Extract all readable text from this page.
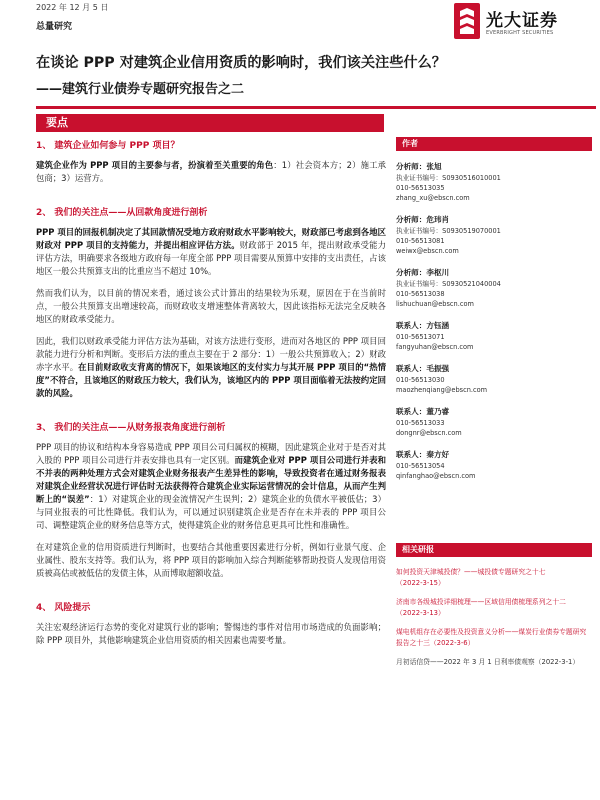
2022 年 12 月 5 日
总量研究	光大证券
EVERBRIGHT SECURITIES
在谈论 PPP 对建筑企业信用资质的影响时，我们该关注些什么？
——建筑行业债券专题研究报告之二
要点
1、 建筑企业如何参与 PPP 项目？
建筑企业作为 PPP 项目的主要参与者，扮演着至关重要的角色：1）社会资本方；2）施工承包商；3）运营方。
2、 我们的关注点——从回款角度进行剖析
PPP 项目的回报机制决定了其回款情况受地方政府财政水平影响较大，财政部已考虑到各地区财政对 PPP 项目的支持能力，并提出相应评估方法。财政部于 2015 年，提出财政承受能力评估方法，明确要求各级地方政府每一年度全部 PPP 项目需要从预算中安排的支出责任，占该地区一般公共预算支出的比重应当不超过 10%。
然而我们认为，以目前的情况来看，通过该公式计算出的结果较为乐观，原因在于在当前时点，一般公共预算支出增速较高，而财政收支增速整体背离较大，因此该指标无法完全反映各地区的财政承受能力。
因此，我们以财政承受能力评估方法为基础，对该方法进行变形，进而对各地区的 PPP 项目回款能力进行分析和判断。变形后方法的重点主要在于 2 部分：1）一般公共预算收入；2）财政赤字水平。在目前财政收支背离的情况下，如果该地区的支付实力与其开展 PPP 项目的“热情度”不符合，且该地区的财政压力较大，我们认为，该地区内的 PPP 项目面临着无法按约定回款的风险。
3、 我们的关注点——从财务报表角度进行剖析
PPP 项目的协议和结构本身容易造成 PPP 项目公司归属权的模糊，因此建筑企业对于是否对其入股的 PPP 项目公司进行并表安排也具有一定区别。而建筑企业对 PPP 项目公司进行并表和不并表的两种处理方式会对建筑企业财务报表产生差异性的影响，导致投资者在通过财务报表对建筑企业经营状况进行评估时无法获得符合建筑企业实际运营情况的会计信息，从而产生判断上的“误差”：1）对建筑企业的现金流情况产生误判；2）建筑企业的负债水平被低估；3）与同业报表的可比性降低。我们认为，可以通过识别建筑企业是否存在未并表的 PPP 项目公司、调整建筑企业的财务信息等方式，使得建筑企业的财务信息更具可比性和准确性。
在对建筑企业的信用资质进行判断时，也要结合其他重要因素进行分析，例如行业景气度、企业属性、股东支持等。我们认为，将 PPP 项目的影响加入综合判断能够帮助投资人发现信用资质被高估或被低估的发债主体，从而博取超额收益。
4、 风险提示
关注宏观经济运行态势的变化对建筑行业的影响；警惕违约事件对信用市场造成的负面影响；除 PPP 项目外，其他影响建筑企业信用资质的相关因素也需要考量。
作者
分析师：张旭
执业证书编号：S0930516010001
010-56513035
zhang_xu@ebscn.com
分析师：危玮肖
执业证书编号：S0930519070001
010-56513081
weiwx@ebscn.com
分析师：李枢川
执业证书编号：S0930521040004
010-56513038
lishuchuan@ebscn.com
联系人：方钰涵
010-56513071
fangyuhan@ebscn.com
联系人：毛振强
010-56513030
maozhenqiang@ebscn.com
联系人：董乃睿
010-56513033
dongnr@ebscn.com
联系人：秦方好
010-56513054
qinfanghao@ebscn.com
相关研报
如何投资天津城投债？——城投债专题研究之十七（2022-3-15）
济南市各级城投详细梳理——区域信用债梳理系列之十二（2022-3-13）
煤电机组存在必要性及投资意义分析——煤炭行业债券专题研究报告之十三（2022-3-6）
月初话信贷——2022 年 3 月 1 日利率债观察（2022-3-1）
